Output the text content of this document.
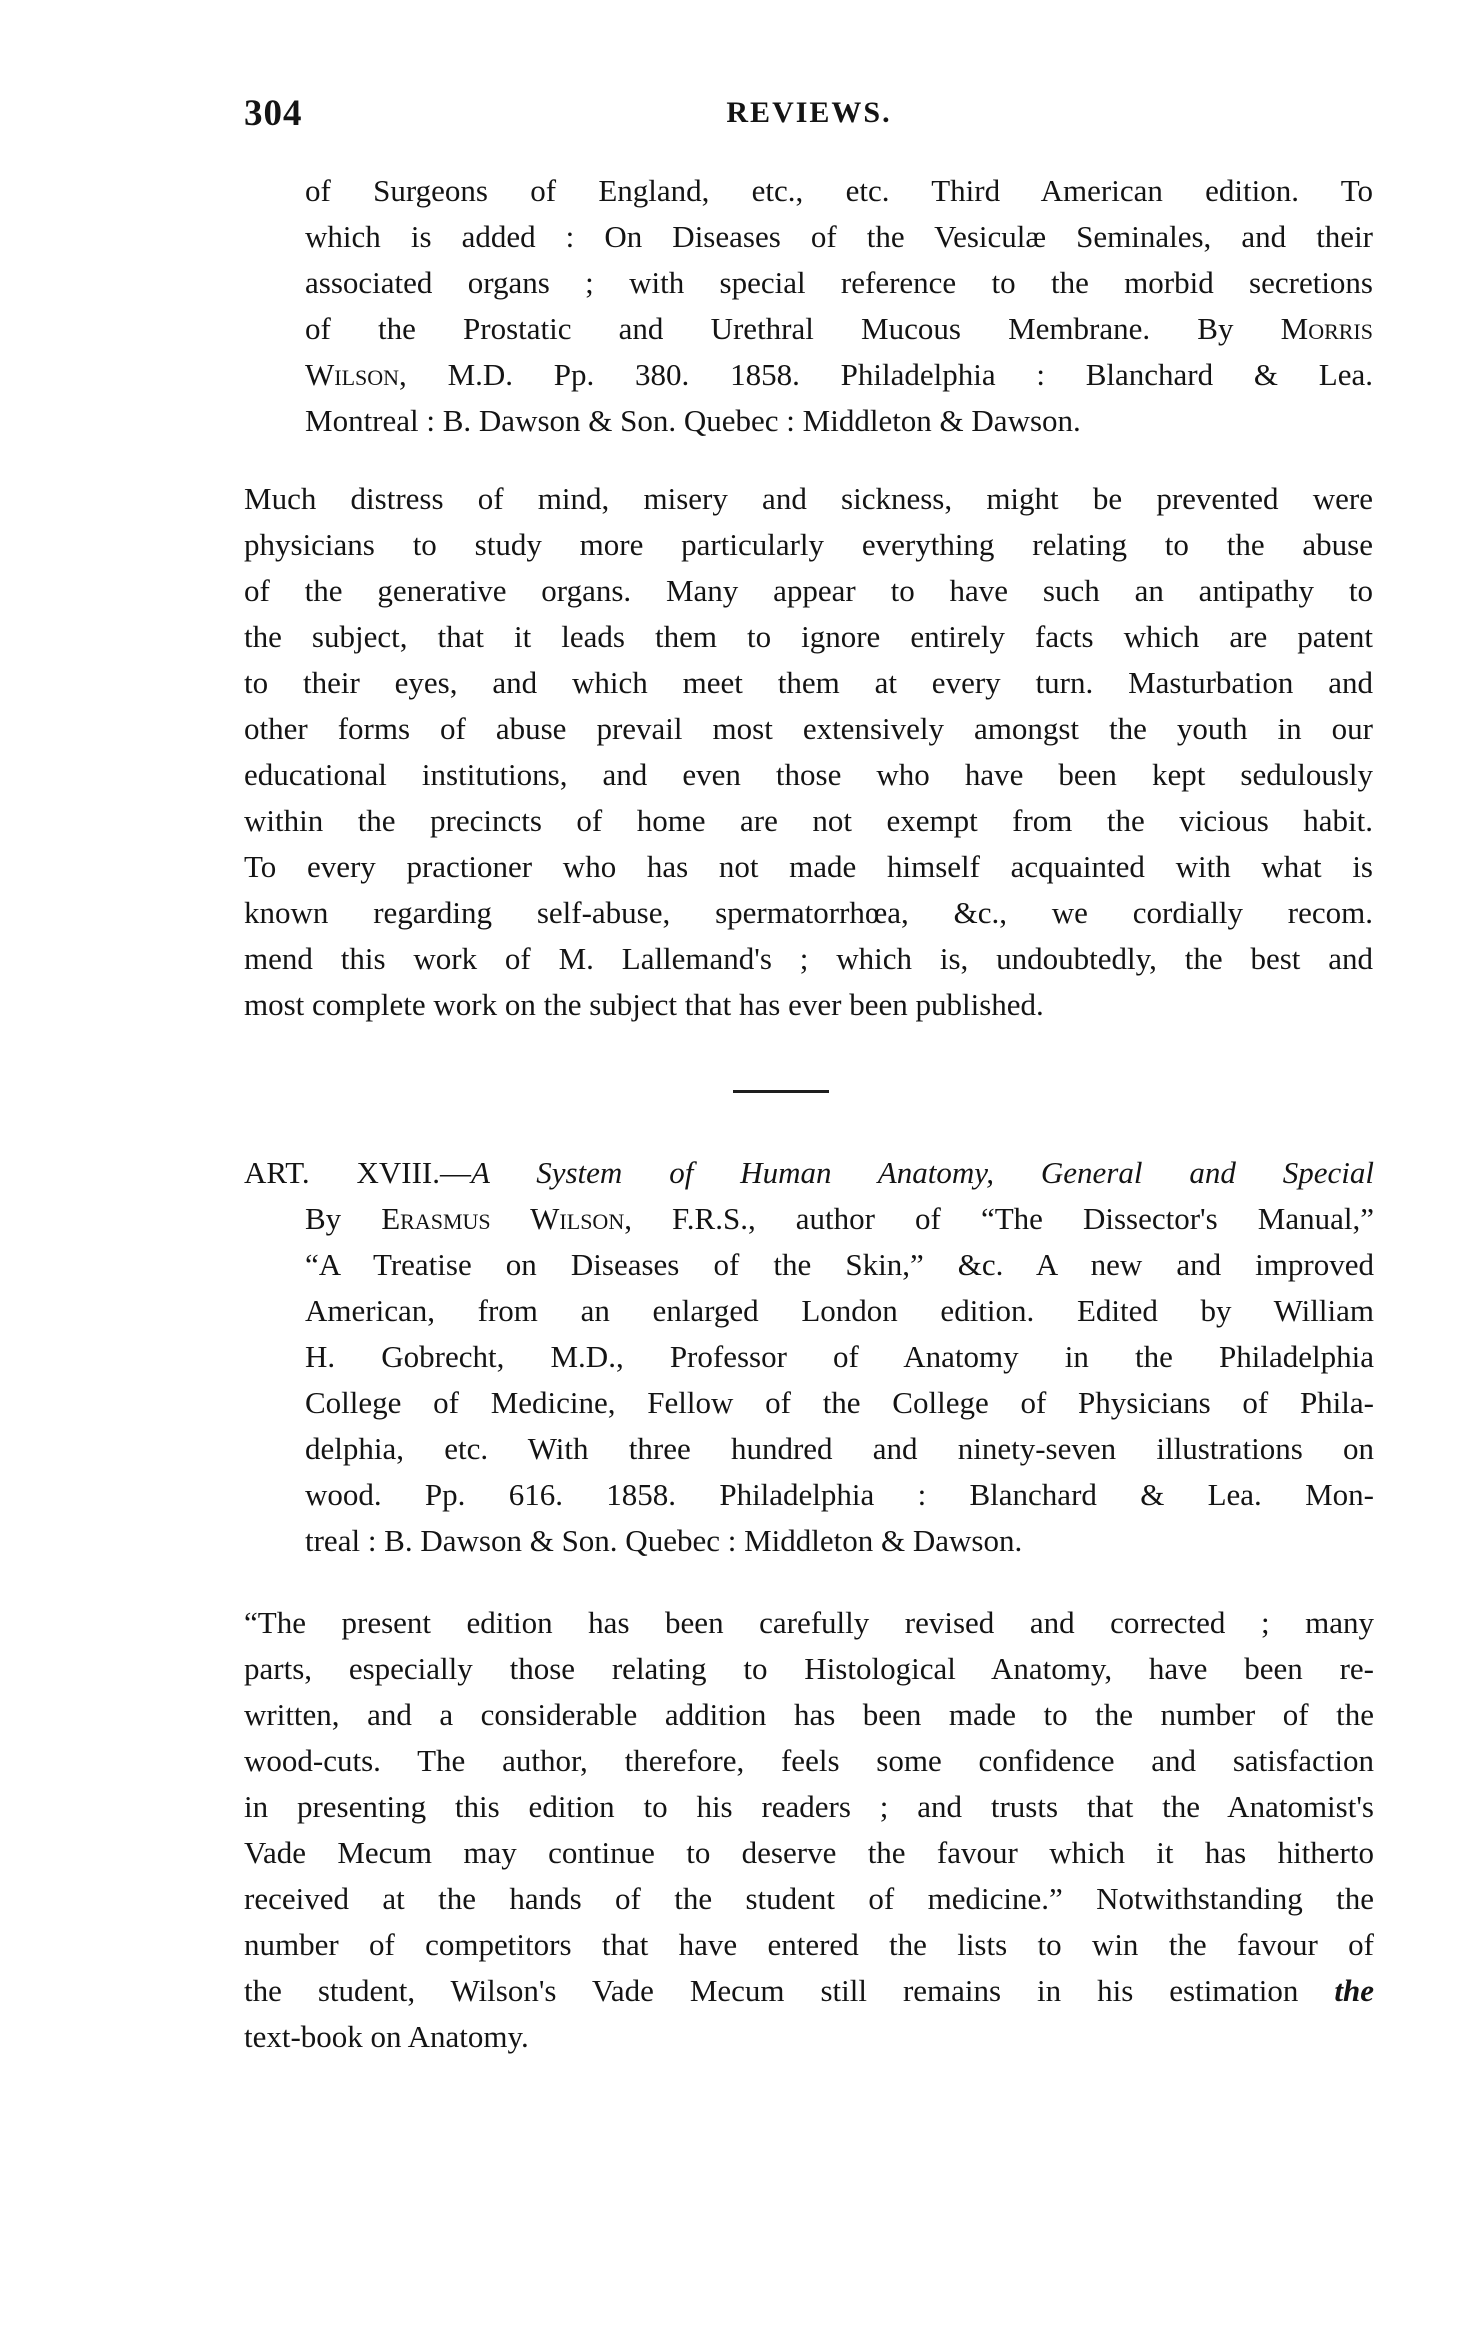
304	REVIEWS.
of Surgeons of England, etc., etc. Third American edition. To
which is added : On Diseases of the Vesiculæ Seminales, and their
associated organs ; with special reference to the morbid secretions
of the Prostatic and Urethral Mucous Membrane. By Morris
Wilson, M.D. Pp. 380. 1858. Philadelphia : Blanchard & Lea.
Montreal : B. Dawson & Son. Quebec : Middleton & Dawson.
Much distress of mind, misery and sickness, might be prevented were
physicians to study more particularly everything relating to the abuse
of the generative organs. Many appear to have such an antipathy to
the subject, that it leads them to ignore entirely facts which are patent
to their eyes, and which meet them at every turn. Masturbation and
other forms of abuse prevail most extensively amongst the youth in our
educational institutions, and even those who have been kept sedulously
within the precincts of home are not exempt from the vicious habit.
To every practioner who has not made himself acquainted with what is
known regarding self-abuse, spermatorrhœa, &c., we cordially recom.
mend this work of M. Lallemand's ; which is, undoubtedly, the best and
most complete work on the subject that has ever been published.
ART. XVIII.—A System of Human Anatomy, General and Special
By Erasmus Wilson, F.R.S., author of “The Dissector's Manual,”
“A Treatise on Diseases of the Skin,” &c. A new and improved
American, from an enlarged London edition. Edited by William
H. Gobrecht, M.D., Professor of Anatomy in the Philadelphia
College of Medicine, Fellow of the College of Physicians of Phila-
delphia, etc. With three hundred and ninety-seven illustrations on
wood. Pp. 616. 1858. Philadelphia : Blanchard & Lea. Mon-
treal : B. Dawson & Son. Quebec : Middleton & Dawson.
“The present edition has been carefully revised and corrected ; many
parts, especially those relating to Histological Anatomy, have been re-
written, and a considerable addition has been made to the number of the
wood-cuts. The author, therefore, feels some confidence and satisfaction
in presenting this edition to his readers ; and trusts that the Anatomist's
Vade Mecum may continue to deserve the favour which it has hitherto
received at the hands of the student of medicine.” Notwithstanding the
number of competitors that have entered the lists to win the favour of
the student, Wilson's Vade Mecum still remains in his estimation the
text-book on Anatomy.
